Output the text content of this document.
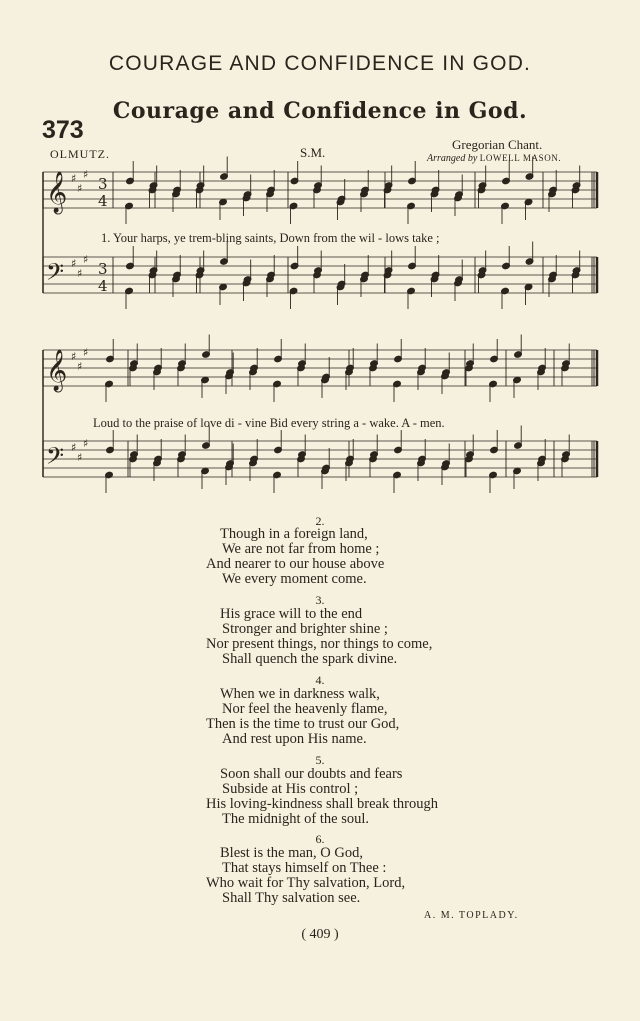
COURAGE AND CONFIDENCE IN GOD.
Courage and Confidence in God.
373
OLMUTZ.	S.M.
Gregorian Chant.
Arranged by LOWELL MASON.
𝄞 ♯
♯
♯
3
4
𝄢 ♯
♯
♯
3
4
𝄞 ♯
♯
♯
𝄢 ♯
♯
♯
1. Your harps, ye trem-bling saints, Down from the wil - lows take ;
Loud to the praise of love di - vine Bid every string a - wake. A - men.
2.
Though in a foreign land,
We are not far from home ;
And nearer to our house above
We every moment come.
3.
His grace will to the end
Stronger and brighter shine ;
Nor present things, nor things to come,
Shall quench the spark divine.
4.
When we in darkness walk,
Nor feel the heavenly flame,
Then is the time to trust our God,
And rest upon His name.
5.
Soon shall our doubts and fears
Subside at His control ;
His loving-kindness shall break through
The midnight of the soul.
6.
Blest is the man, O God,
That stays himself on Thee :
Who wait for Thy salvation, Lord,
Shall Thy salvation see.
A. M. TOPLADY.
( 409 )
